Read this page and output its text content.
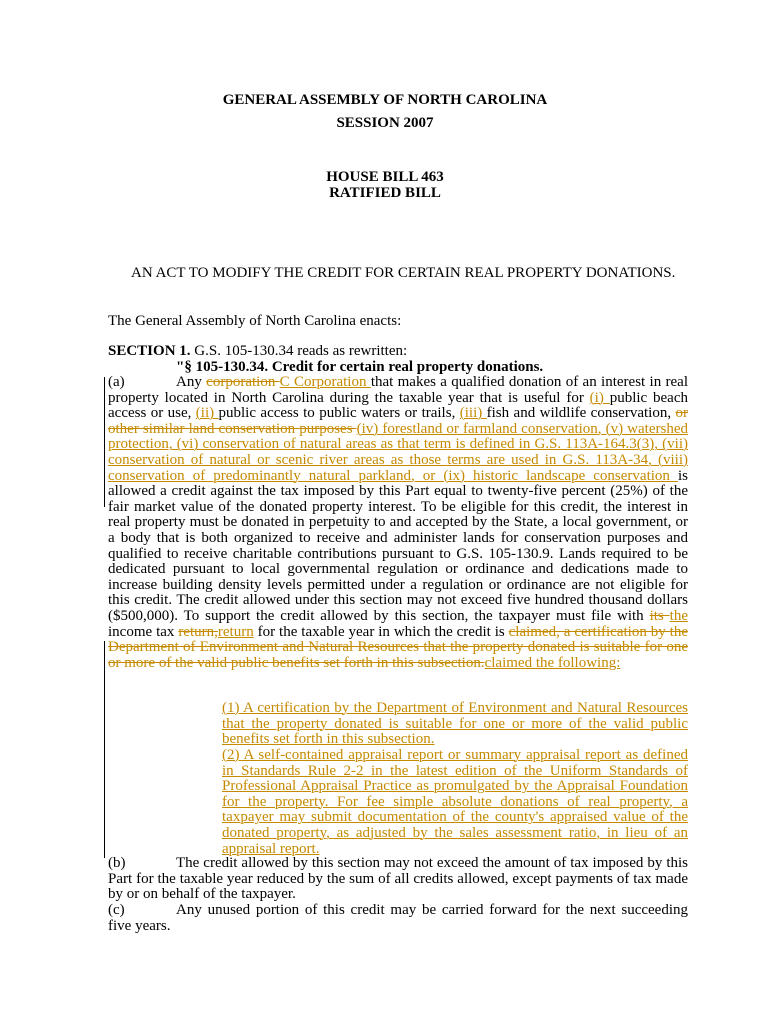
GENERAL ASSEMBLY OF NORTH CAROLINA
SESSION 2007
HOUSE BILL 463
RATIFIED BILL
AN ACT TO MODIFY THE CREDIT FOR CERTAIN REAL PROPERTY DONATIONS.
The General Assembly of North Carolina enacts:
SECTION 1. G.S. 105-130.34 reads as rewritten:
"§ 105-130.34. Credit for certain real property donations.
(a)	Any corporation C Corporation that makes a qualified donation of an interest in real property located in North Carolina during the taxable year that is useful for (i) public beach access or use, (ii) public access to public waters or trails, (iii) fish and wildlife conservation, or other similar land conservation purposes (iv) forestland or farmland conservation, (v) watershed protection, (vi) conservation of natural areas as that term is defined in G.S. 113A-164.3(3), (vii) conservation of natural or scenic river areas as those terms are used in G.S. 113A-34, (viii) conservation of predominantly natural parkland, or (ix) historic landscape conservation is allowed a credit against the tax imposed by this Part equal to twenty-five percent (25%) of the fair market value of the donated property interest. To be eligible for this credit, the interest in real property must be donated in perpetuity to and accepted by the State, a local government, or a body that is both organized to receive and administer lands for conservation purposes and qualified to receive charitable contributions pursuant to G.S. 105-130.9. Lands required to be dedicated pursuant to local governmental regulation or ordinance and dedications made to increase building density levels permitted under a regulation or ordinance are not eligible for this credit. The credit allowed under this section may not exceed five hundred thousand dollars ($500,000). To support the credit allowed by this section, the taxpayer must file with its the income tax return,return for the taxable year in which the credit is claimed, a certification by the Department of Environment and Natural Resources that the property donated is suitable for one or more of the valid public benefits set forth in this subsection.claimed the following:
(1) A certification by the Department of Environment and Natural Resources that the property donated is suitable for one or more of the valid public benefits set forth in this subsection.
(2) A self-contained appraisal report or summary appraisal report as defined in Standards Rule 2-2 in the latest edition of the Uniform Standards of Professional Appraisal Practice as promulgated by the Appraisal Foundation for the property. For fee simple absolute donations of real property, a taxpayer may submit documentation of the county's appraised value of the donated property, as adjusted by the sales assessment ratio, in lieu of an appraisal report.
(b)	The credit allowed by this section may not exceed the amount of tax imposed by this Part for the taxable year reduced by the sum of all credits allowed, except payments of tax made by or on behalf of the taxpayer.
(c)	Any unused portion of this credit may be carried forward for the next succeeding five years.
